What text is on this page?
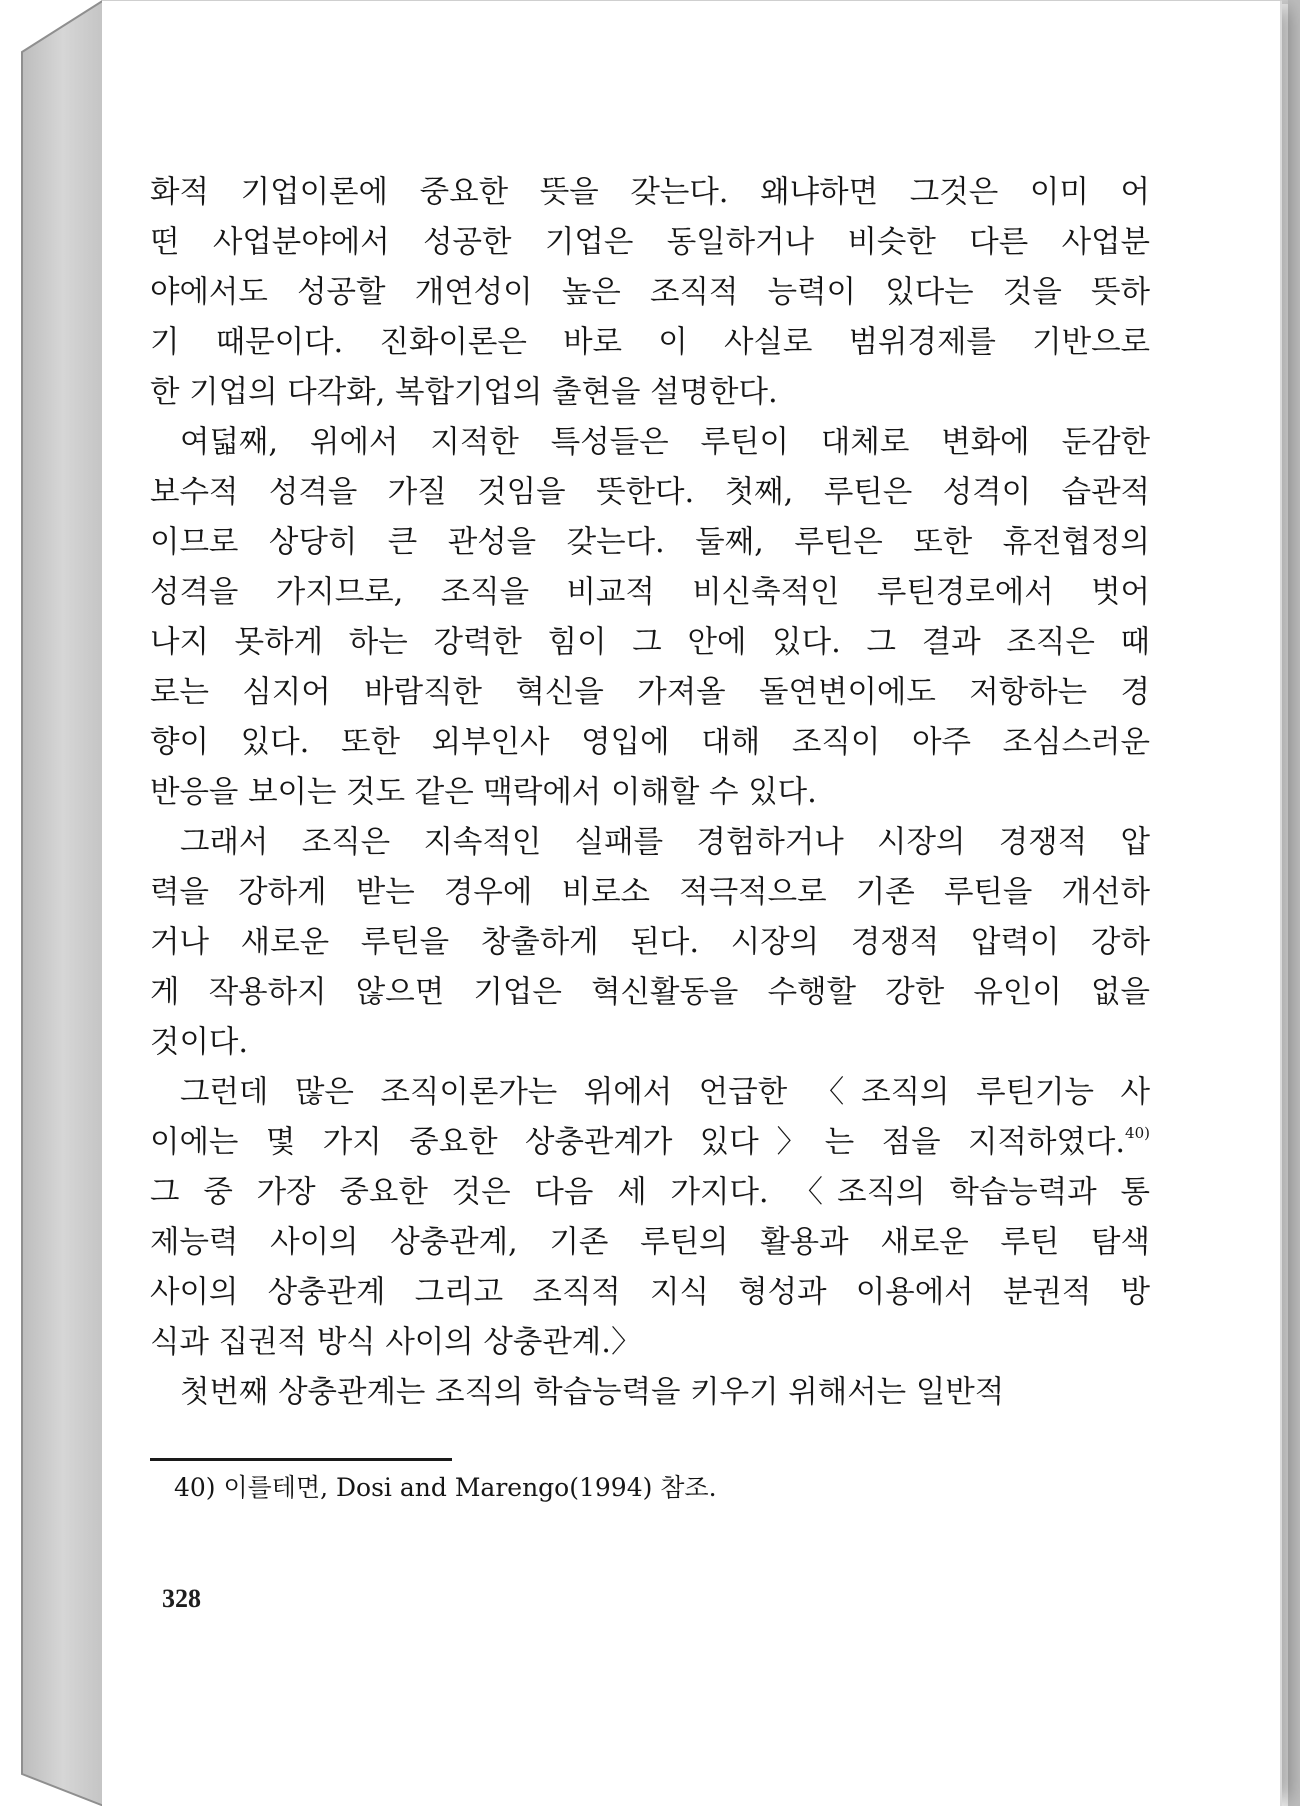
화적 기업이론에 중요한 뜻을 갖는다. 왜냐하면 그것은 이미 어
떤 사업분야에서 성공한 기업은 동일하거나 비슷한 다른 사업분
야에서도 성공할 개연성이 높은 조직적 능력이 있다는 것을 뜻하
기 때문이다. 진화이론은 바로 이 사실로 범위경제를 기반으로
한 기업의 다각화, 복합기업의 출현을 설명한다.
여덟째, 위에서 지적한 특성들은 루틴이 대체로 변화에 둔감한
보수적 성격을 가질 것임을 뜻한다. 첫째, 루틴은 성격이 습관적
이므로 상당히 큰 관성을 갖는다. 둘째, 루틴은 또한 휴전협정의
성격을 가지므로, 조직을 비교적 비신축적인 루틴경로에서 벗어
나지 못하게 하는 강력한 힘이 그 안에 있다. 그 결과 조직은 때
로는 심지어 바람직한 혁신을 가져올 돌연변이에도 저항하는 경
향이 있다. 또한 외부인사 영입에 대해 조직이 아주 조심스러운
반응을 보이는 것도 같은 맥락에서 이해할 수 있다.
그래서 조직은 지속적인 실패를 경험하거나 시장의 경쟁적 압
력을 강하게 받는 경우에 비로소 적극적으로 기존 루틴을 개선하
거나 새로운 루틴을 창출하게 된다. 시장의 경쟁적 압력이 강하
게 작용하지 않으면 기업은 혁신활동을 수행할 강한 유인이 없을
것이다.
그런데 많은 조직이론가는 위에서 언급한 〈조직의 루틴기능 사
이에는 몇 가지 중요한 상충관계가 있다〉는 점을 지적하였다.$^{40)}$
그 중 가장 중요한 것은 다음 세 가지다. 〈조직의 학습능력과 통
제능력 사이의 상충관계, 기존 루틴의 활용과 새로운 루틴 탐색
사이의 상충관계 그리고 조직적 지식 형성과 이용에서 분권적 방
식과 집권적 방식 사이의 상충관계.〉
첫번째 상충관계는 조직의 학습능력을 키우기 위해서는 일반적
40) 이를테면, Dosi and Marengo(1994) 참조.
328
